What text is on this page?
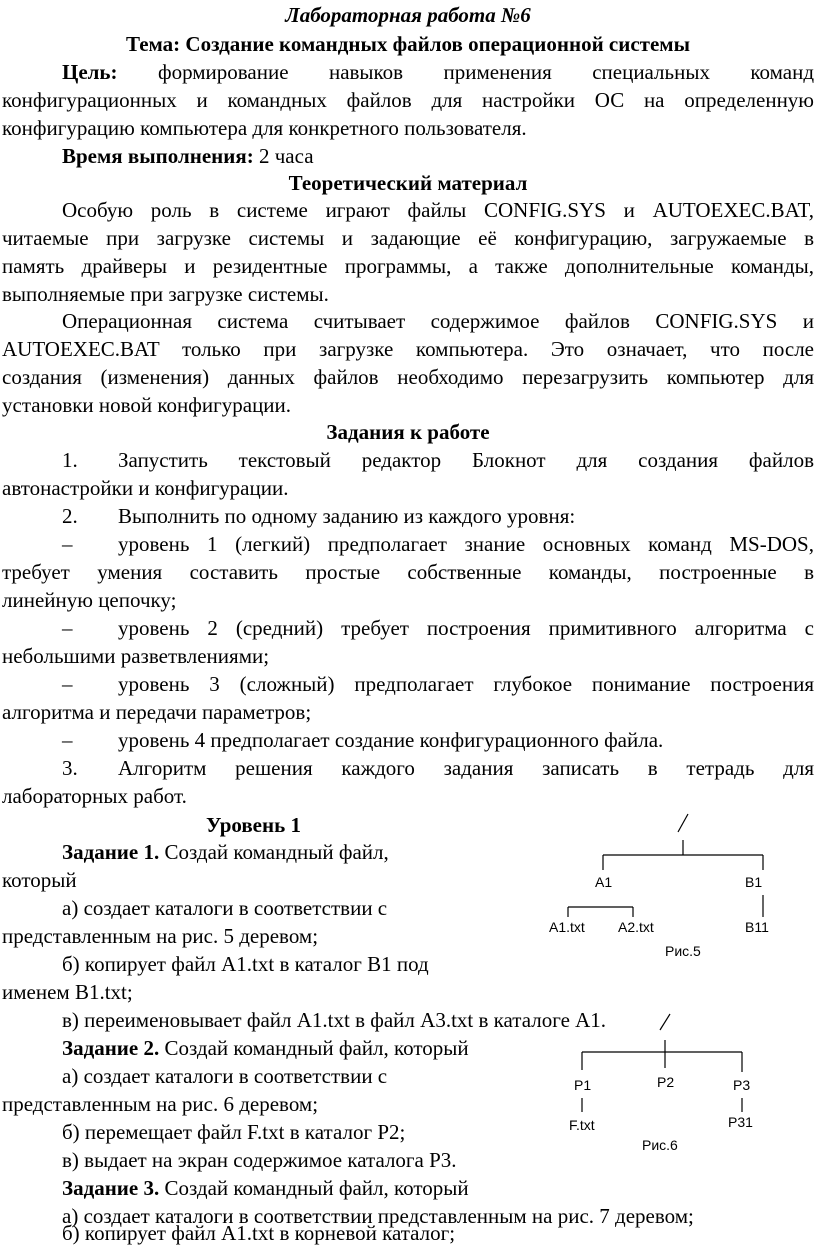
Лабораторная работа №6
Тема: Создание командных файлов операционной системы
Цель: формирование навыков применения специальных команд
конфигурационных и командных файлов для настройки ОС на определенную
конфигурацию компьютера для конкретного пользователя.
Время выполнения: 2 часа
Теоретический материал
Особую роль в системе играют файлы CONFIG.SYS и AUTOEXEC.BAT,
читаемые при загрузке системы и задающие её конфигурацию, загружаемые в
память драйверы и резидентные программы, а также дополнительные команды,
выполняемые при загрузке системы.
Операционная система считывает содержимое файлов CONFIG.SYS и
AUTOEXEC.BAT только при загрузке компьютера. Это означает, что после
создания (изменения) данных файлов необходимо перезагрузить компьютер для
установки новой конфигурации.
Задания к работе
1. Запустить текстовый редактор Блокнот для создания файлов
автонастройки и конфигурации.
2. Выполнить по одному заданию из каждого уровня:
– уровень 1 (легкий) предполагает знание основных команд MS-DOS,
требует умения составить простые собственные команды, построенные в
линейную цепочку;
– уровень 2 (средний) требует построения примитивного алгоритма с
небольшими разветвлениями;
– уровень 3 (сложный) предполагает глубокое понимание построения
алгоритма и передачи параметров;
– уровень 4 предполагает создание конфигурационного файла.
3. Алгоритм решения каждого задания записать в тетрадь для
лабораторных работ.
Уровень 1
Задание 1. Создай командный файл,
который
а) создает каталоги в соответствии с
представленным на рис. 5 деревом;
б) копирует файл А1.txt в каталог В1 под
именем В1.txt;
в) переименовывает файл А1.txt в файл А3.txt в каталоге А1.
Задание 2. Создай командный файл, который
а) создает каталоги в соответствии с
представленным на рис. 6 деревом;
б) перемещает файл F.txt в каталог Р2;
в) выдает на экран содержимое каталога Р3.
Задание 3. Создай командный файл, который
а) создает каталоги в соответствии представленным на рис. 7 деревом;
б) копирует файл А1.txt в корневой каталог;
A1	B1
A1.txt A2.txt	B11
Рис.5
P1	P2	P3
F.txt	P31
Рис.6
